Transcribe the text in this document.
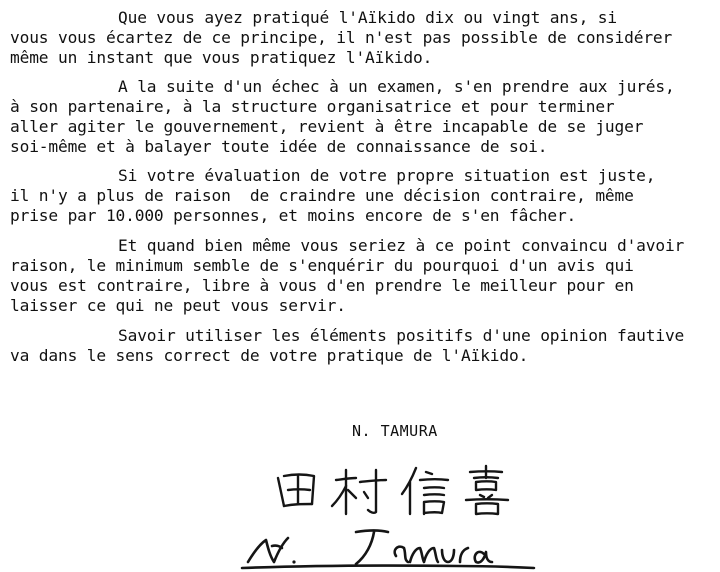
Que vous ayez pratiqué l'Aïkido dix ou vingt ans, si
vous vous écartez de ce principe, il n'est pas possible de considérer
même un instant que vous pratiquez l'Aïkido.
A la suite d'un échec à un examen, s'en prendre aux jurés,
à son partenaire, à la structure organisatrice et pour terminer
aller agiter le gouvernement, revient à être incapable de se juger
soi-même et à balayer toute idée de connaissance de soi.
Si votre évaluation de votre propre situation est juste,
il n'y a plus de raison  de craindre une décision contraire, même
prise par 10.000 personnes, et moins encore de s'en fâcher.
Et quand bien même vous seriez à ce point convaincu d'avoir
raison, le minimum semble de s'enquérir du pourquoi d'un avis qui
vous est contraire, libre à vous d'en prendre le meilleur pour en
laisser ce qui ne peut vous servir.
Savoir utiliser les éléments positifs d'une opinion fautive
va dans le sens correct de votre pratique de l'Aïkido.
N. TAMURA
